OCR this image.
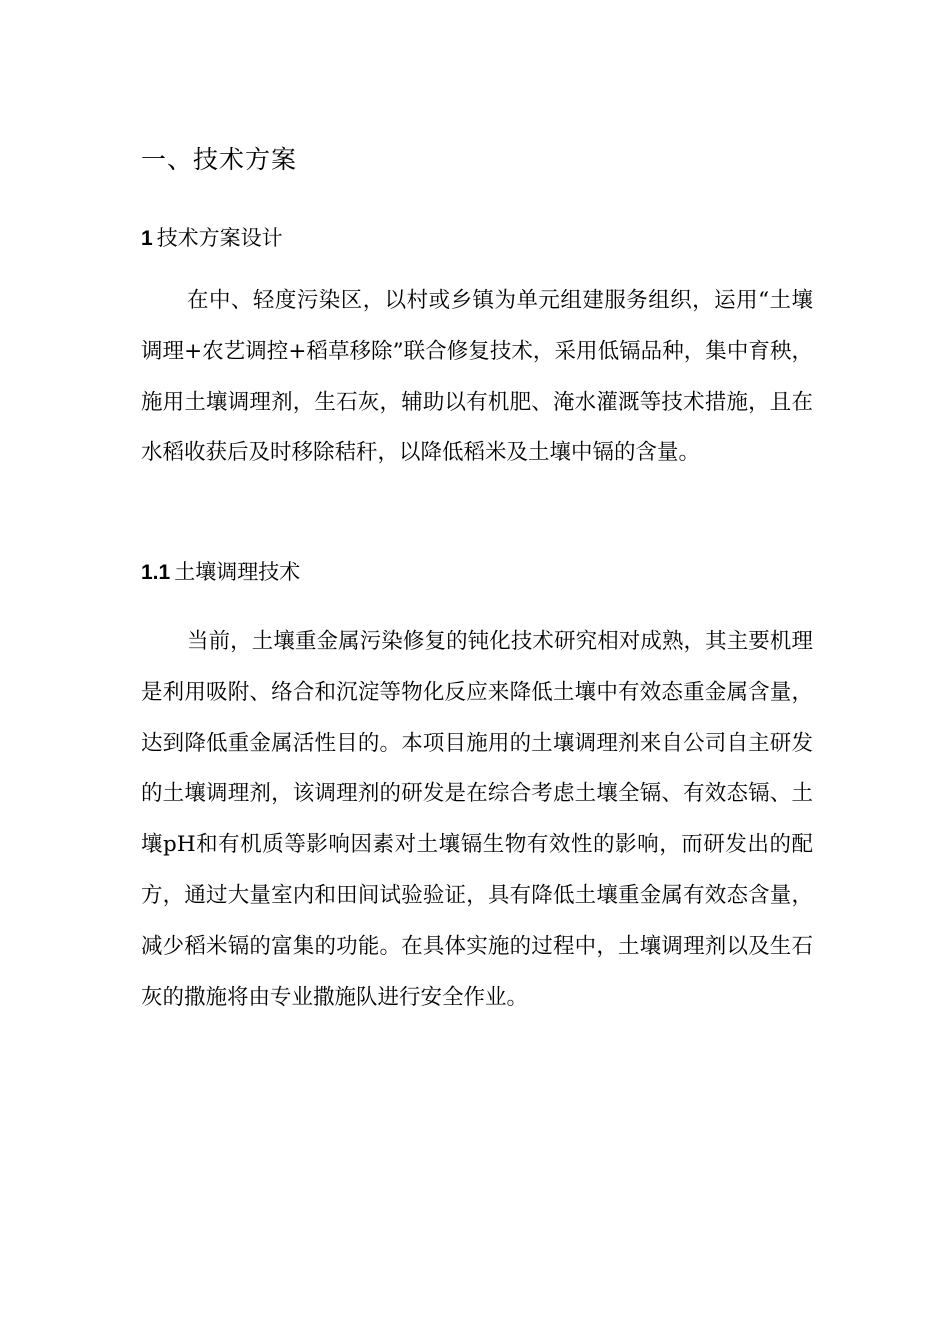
一、技术方案
1 技术方案设计

在中、轻度污染区，以村或乡镇为单元组建服务组织，运用“土壤调理+农艺调控+稻草移除”联合修复技术，采用低镉品种，集中育秧，施用土壤调理剂，生石灰，辅助以有机肥、淹水灌溉等技术措施，且在水稻收获后及时移除秸秆，以降低稻米及土壤中镉的含量。

1.1 土壤调理技术

当前，土壤重金属污染修复的钝化技术研究相对成熟，其主要机理是利用吸附、络合和沉淀等物化反应来降低土壤中有效态重金属含量，达到降低重金属活性目的。本项目施用的土壤调理剂来自公司自主研发的土壤调理剂，该调理剂的研发是在综合考虑土壤全镉、有效态镉、土壤pH和有机质等影响因素对土壤镉生物有效性的影响，而研发出的配方，通过大量室内和田间试验验证，具有降低土壤重金属有效态含量，减少稻米镉的富集的功能。在具体实施的过程中，土壤调理剂以及生石灰的撒施将由专业撒施队进行安全作业。
